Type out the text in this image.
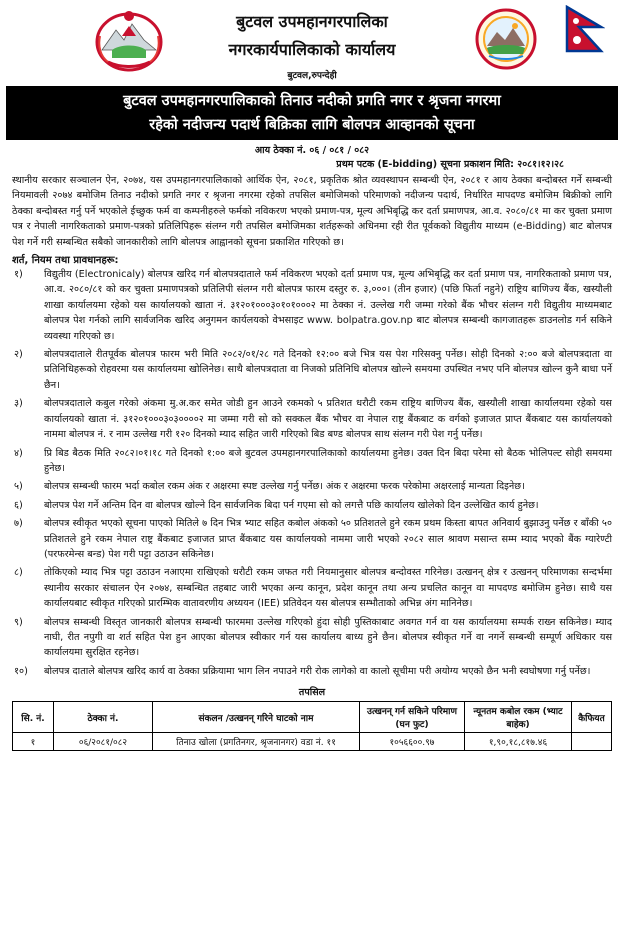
बुटवल उपमहानगरपालिका
नगरकार्यपालिकाको कार्यालय
बुटवल,रुपन्देही
बुटवल उपमहानगरपालिकाको तिनाउ नदीको प्रगति नगर र श्रृजना नगरमा
रहेको नदीजन्य पदार्थ बिक्रिका लागि बोलपत्र आव्हानको सूचना
आय ठेक्का नं. ०६ / ०८१ / ०८२
प्रथम पटक (E-bidding) सूचना प्रकाशन मिति: २०८१।१२।२८
स्थानीय सरकार सञ्चालन ऐन, २०७४, यस उपमहानगरपालिकाको आर्थिक ऐन, २०८१, प्रकृतिक श्रोत व्यवस्थापन सम्बन्धी ऐन, २०८१ र आय ठेक्का बन्दोबस्त गर्ने सम्बन्धी नियमावली २०७४ बमोजिम तिनाउ नदीको प्रगति नगर र श्रृजना नगरमा रहेको तपसिल बमोजिमको परिमाणको नदीजन्य पदार्थ, निर्धारित मापदण्ड बमोजिम बिक्रीको लागि ठेक्का बन्दोबस्त गर्नु पर्ने भएकोले ईच्छुक फर्म वा कम्पनीहरुले फर्मको नविकरण भएको प्रमाण-पत्र, मूल्य अभिबृद्धि कर दर्ता प्रमाणपत्र, आ.व. २०८०/८१ मा कर चुक्ता प्रमाण पत्र र नेपाली नागरिकताको प्रमाण-पत्रको प्रतिलिपिहरू संलग्न गरी तपसिल बमोजिमका शर्तहरूको अधिनमा रही रीत पूर्वकको विद्युतीय माध्यम (e-Bidding) बाट बोलपत्र पेश गर्ने गरी सम्बन्धित सबैको जानकारीको लागि बोलपत्र आह्वानको सूचना प्रकाशित गरिएको छ।
शर्त, नियम तथा प्रावधानहरू:
१)	विद्युतीय (Electronicaly) बोलपत्र खरिद गर्न बोलपत्रदाताले फर्म नविकरण भएको दर्ता प्रमाण पत्र, मूल्य अभिबृद्धि कर दर्ता प्रमाण पत्र, नागरिकताको प्रमाण पत्र, आ.व. २०८०/८१ को कर चुक्ता प्रमाणपत्रको प्रतिलिपी संलग्न गरी बोलपत्र फारम दस्तुर रु. ३,०००। (तीन हजार) (पछि फिर्ता नहुने) राष्ट्रिय बाणिज्य बैंक, खस्यौली शाखा कार्यालयमा रहेको यस कार्यालयको खाता नं. ३१२०१०००३०१०१०००२ मा ठेक्का नं. उल्लेख गरी जम्मा गरेको बैंक भौचर संलग्न गरी विद्युतीय माध्यमबाट बोलपत्र पेश गर्नको लागि सार्वजनिक खरिद अनुगमन कार्यलयको वेभसाइट www. bolpatra.gov.np बाट बोलपत्र सम्बन्धी कागजातहरू डाउनलोड गर्न सकिने व्यवस्था गरिएको छ।
२)	बोलपत्रदाताले रीतपूर्वक बोलपत्र फारम भरी मिति २०८२/०१/२८ गते दिनको १२:०० बजे भित्र यस पेश गरिसक्नु पर्नेछ। सोही दिनको २:०० बजे बोलपत्रदाता वा प्रतिनिधिहरूको रोहवरमा यस कार्यालयमा खोलिनेछ। साथै बोलपत्रदाता वा निजको प्रतिनिधि बोलपत्र खोल्ने समयमा उपस्थित नभए पनि बोलपत्र खोल्न कुनै बाधा पर्ने छैन।
३)	बोलपत्रदाताले कबुल गरेको अंकमा मु.अ.कर समेत जोडी हुन आउने रकमको ५ प्रतिशत धरौटी रकम राष्ट्रिय बाणिज्य बैंक, खस्यौली शाखा कार्यालयमा रहेको यस कार्यालयको खाता नं. ३१२०१०००३०३००००२ मा जम्मा गरी सो को सक्कल बैंक भौचर वा नेपाल राष्ट्र बैंकबाट क वर्गको इजाजत प्राप्त बैंकबाट यस कार्यालयको नाममा बोलपत्र नं. र नाम उल्लेख गरी १२० दिनको म्याद सहित जारी गरिएको बिड बण्ड बोलपत्र साथ संलग्न गरी पेश गर्नु पर्नेछ।
४)	प्रि बिड बैठक मिति २०८२।०१।१८ गते दिनको १:०० बजे बुटवल उपमहानगरपालिकाको कार्यालयमा हुनेछ। उक्त दिन बिदा परेमा सो बैठक भोलिपल्ट सोही समयमा हुनेछ।
५)	बोलपत्र सम्बन्धी फारम भर्दा कबोल रकम अंक र अक्षरमा स्पष्ट उल्लेख गर्नु पर्नेछ। अंक र अक्षरमा फरक परेकोमा अक्षरलाई मान्यता दिइनेछ।
६)	बोलपत्र पेश गर्ने अन्तिम दिन वा बोलपत्र खोल्ने दिन सार्वजनिक बिदा पर्न गएमा सो को लगत्तै पछि कार्यालय खोलेको दिन उल्लेखित कार्य हुनेछ।
७)	बोलपत्र स्वीकृत भएको सूचना पाएको मितिले ७ दिन भित्र भ्याट सहित कबोल अंकको ५० प्रतिशतले हुने रकम प्रथम किस्ता बापत अनिवार्य बुझाउनु पर्नेछ र बाँकी ५० प्रतिशतले हुने रकम नेपाल राष्ट्र बैंकबाट इजाजत प्राप्त बैंकबाट यस कार्यालयको नाममा जारी भएको २०८२ साल श्रावण मसान्त सम्म म्याद भएको बैंक ग्यारेण्टी (परफरमेन्स बन्ड) पेश गरी पट्टा उठाउन सकिनेछ।
८)	तोकिएको म्याद भित्र पट्टा उठाउन नआएमा राखिएको धरौटी रकम जफत गरी नियमानुसार बोलपत्र बन्दोवस्त गरिनेछ। उत्खनन् क्षेत्र र उत्खनन् परिमाणका सन्दर्भमा स्थानीय सरकार संचालन ऐन २०७४, सम्बन्धित तहबाट जारी भएका अन्य कानून, प्रदेश कानून तथा अन्य प्रचलित कानून वा मापदण्ड बमोजिम हुनेछ। साथै यस कार्यालयबाट स्वीकृत गरिएको प्रारम्भिक वातावरणीय अध्ययन (IEE) प्रतिवेदन यस बोलपत्र सम्भौताको अभिन्न अंग मानिनेछ।
९)	बोलपत्र सम्बन्धी विस्तृत जानकारी बोलपत्र सम्बन्धी फारममा उल्लेख गरिएको हुंदा सोही पुस्तिकाबाट अवगत गर्न वा यस कार्यालयमा सम्पर्क राख्न सकिनेछ। म्याद नाघी, रीत नपुगी वा शर्त सहित पेश हुन आएका बोलपत्र स्वीकार गर्न यस कार्यालय बाध्य हुने छैन। बोलपत्र स्वीकृत गर्ने वा नगर्ने सम्बन्धी सम्पूर्ण अधिकार यस कार्यालयमा सुरक्षित रहनेछ।
१०)	बोलपत्र दाताले बोलपत्र खरिद कार्य वा ठेक्का प्रक्रियामा भाग लिन नपाउने गरी रोक लागेको वा कालो सूचीमा परी अयोग्य भएको छैन भनी स्वघोषणा गर्नु पर्नेछ।
तपसिल
सि. नं.	ठेक्का नं.	संकलन /उत्खनन् गरिने घाटको नाम	उत्खनन् गर्न सकिने परिमाण (घन फुट)	न्यूनतम कबोल रकम (भ्याट बाहेक)	कैफियत
१	०६/२०८१/०८२	तिनाउ खोला (प्रगतिनगर, श्रृजनानगर) वडा नं. ११	१०५६६००.९७	१,९०,१८,८१७.४६	
